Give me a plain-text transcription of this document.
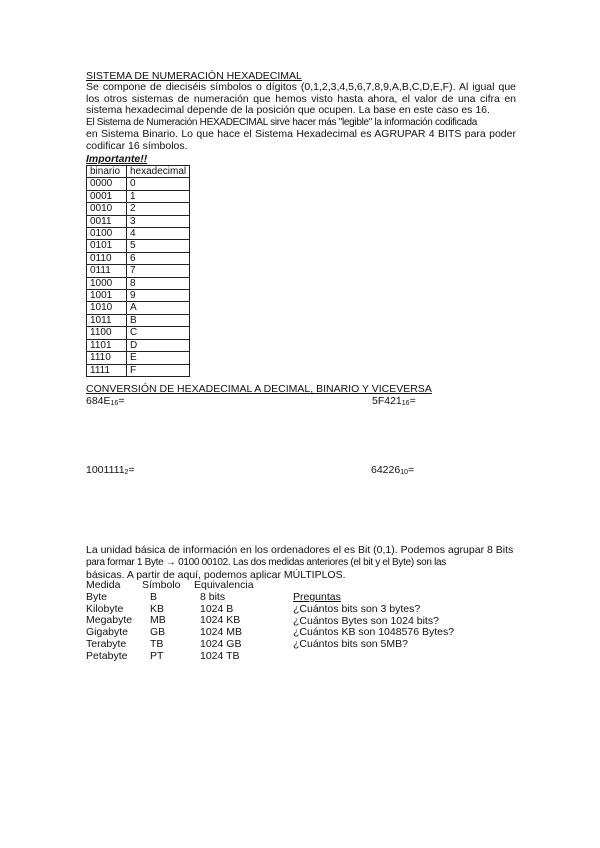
SISTEMA DE NUMERACIÓN HEXADECIMAL
Se compone de dieciséis símbolos o dígitos (0,1,2,3,4,5,6,7,8,9,A,B,C,D,E,F). Al igual que los otros sistemas de numeración que hemos visto hasta ahora, el valor de una cifra en sistema hexadecimal depende de la posición que ocupen. La base en este caso es 16.
El Sistema de Numeración HEXADECIMAL sirve hacer más "legible" la información codificada
en Sistema Binario. Lo que hace el Sistema Hexadecimal es AGRUPAR 4 BITS para poder codificar 16 símbolos.
Importante!!
binario	hexadecimal
0000	0
0001	1
0010	2
0011	3
0100	4
0101	5
0110	6
0111	7
1000	8
1001	9
1010	A
1011	B
1100	C
1101	D
1110	E
1111	F
CONVERSIÓN DE HEXADECIMAL A DECIMAL, BINARIO Y VICEVERSA
$684E_{16}=$	$5F421_{16}=$
$1001111_2=$	$64226_{10}=$
La unidad básica de información en los ordenadores el es Bit (0,1). Podemos agrupar 8 Bits
para formar 1 Byte → 0100 00102. Las dos medidas anteriores (el bit y el Byte) son las
básicas. A partir de aquí, podemos aplicar MÚLTIPLOS.
Medida	Símbolo	Equivalencia
Byte	B	8 bits
Kilobyte	KB	1024 B
Megabyte	MB	1024 KB
Gigabyte	GB	1024 MB
Terabyte	TB	1024 GB
Petabyte	PT	1024 TB
Preguntas
¿Cuántos bits son 3 bytes?
¿Cuántos Bytes son 1024 bits?
¿Cuántos KB son 1048576 Bytes?
¿Cuántos bits son 5MB?
